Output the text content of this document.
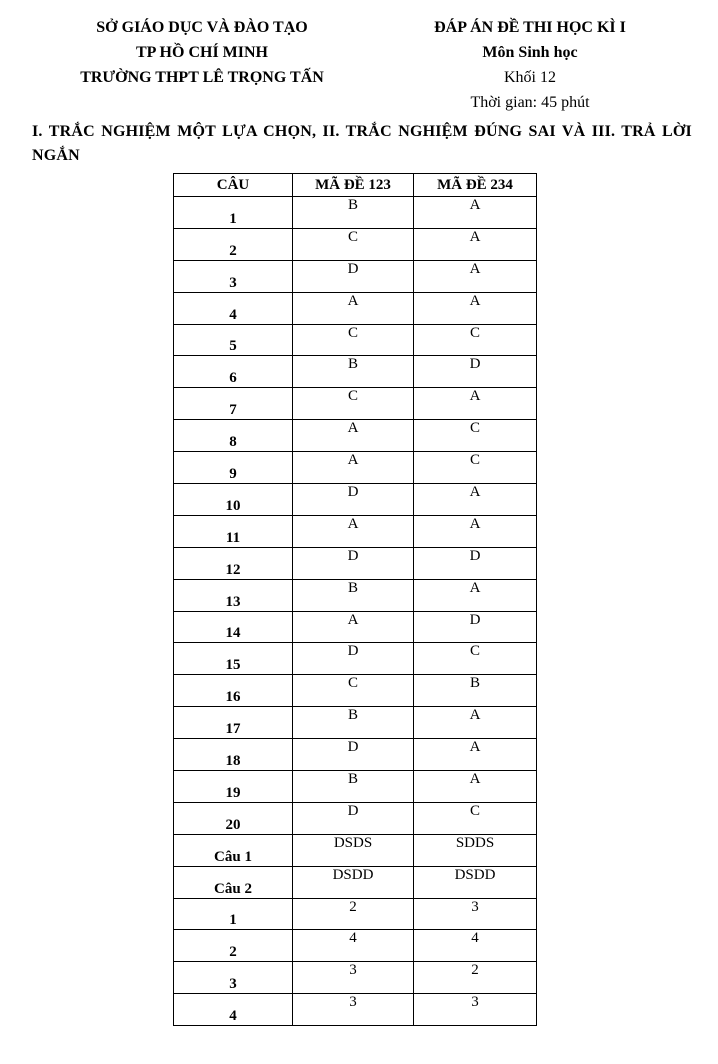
SỞ GIÁO DỤC VÀ ĐÀO TẠO
TP HỒ CHÍ MINH
TRƯỜNG THPT LÊ TRỌNG TẤN
ĐÁP ÁN ĐỀ THI HỌC KÌ I
Môn Sinh học
Khối 12
Thời gian: 45 phút
I. TRẮC NGHIỆM MỘT LỰA CHỌN, II. TRẮC NGHIỆM ĐÚNG SAI VÀ III. TRẢ LỜI NGẮN
CÂU	MÃ ĐỀ 123	MÃ ĐỀ 234
1	B	A
2	C	A
3	D	A
4	A	A
5	C	C
6	B	D
7	C	A
8	A	C
9	A	C
10	D	A
11	A	A
12	D	D
13	B	A
14	A	D
15	D	C
16	C	B
17	B	A
18	D	A
19	B	A
20	D	C
Câu 1	DSDS	SDDS
Câu 2	DSDD	DSDD
1	2	3
2	4	4
3	3	2
4	3	3
